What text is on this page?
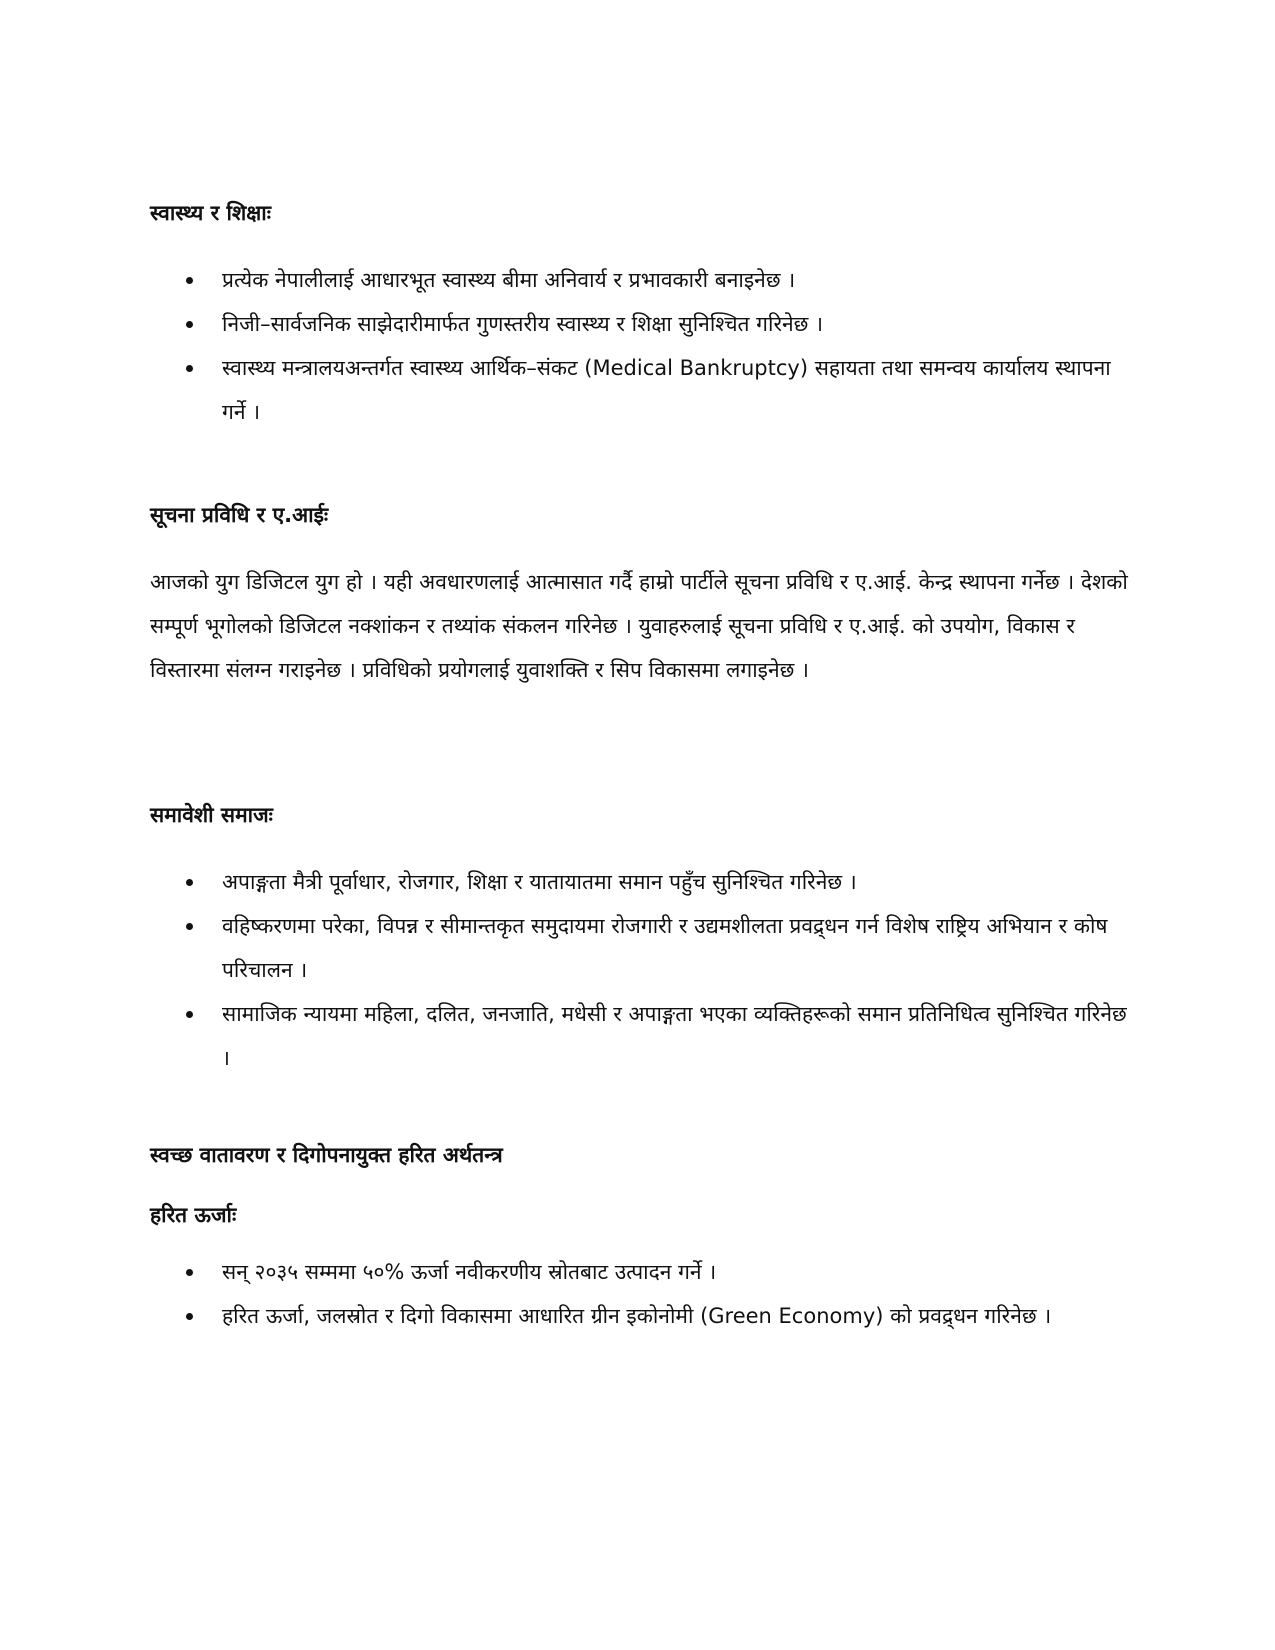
स्वास्थ्य र शिक्षाः

प्रत्येक नेपालीलाई आधारभूत स्वास्थ्य बीमा अनिवार्य र प्रभावकारी बनाइनेछ ।
निजी–सार्वजनिक साझेदारीमार्फत गुणस्तरीय स्वास्थ्य र शिक्षा सुनिश्चित गरिनेछ ।
स्वास्थ्य मन्त्रालयअन्तर्गत स्वास्थ्य आर्थिक–संकट (Medical Bankruptcy) सहायता तथा समन्वय कार्यालय स्थापना गर्ने ।

सूचना प्रविधि र ए.आईः

आजको युग डिजिटल युग हो । यही अवधारणलाई आत्मासात गर्दै हाम्रो पार्टीले सूचना प्रविधि र ए.आई. केन्द्र स्थापना गर्नेछ । देशको सम्पूर्ण भूगोलको डिजिटल नक्शांकन र तथ्यांक संकलन गरिनेछ । युवाहरुलाई सूचना प्रविधि र ए.आई. को उपयोग, विकास र विस्तारमा संलग्न गराइनेछ । प्रविधिको प्रयोगलाई युवाशक्ति र सिप विकासमा लगाइनेछ ।

समावेशी समाजः

अपाङ्गता मैत्री पूर्वाधार, रोजगार, शिक्षा र यातायातमा समान पहुँच सुनिश्चित गरिनेछ ।
वहिष्करणमा परेका, विपन्न र सीमान्तकृत समुदायमा रोजगारी र उद्यमशीलता प्रवद्र्धन गर्न विशेष राष्ट्रिय अभियान र कोष परिचालन ।
सामाजिक न्यायमा महिला, दलित, जनजाति, मधेसी र अपाङ्गता भएका व्यक्तिहरूको समान प्रतिनिधित्व सुनिश्चित गरिनेछ ।

स्वच्छ वातावरण र दिगोपनायुक्त हरित अर्थतन्त्र

हरित ऊर्जाः

सन् २०३५ सम्ममा ५०% ऊर्जा नवीकरणीय स्रोतबाट उत्पादन गर्ने ।
हरित ऊर्जा, जलस्रोत र दिगो विकासमा आधारित ग्रीन इकोनोमी (Green Economy) को प्रवद्र्धन गरिनेछ ।
